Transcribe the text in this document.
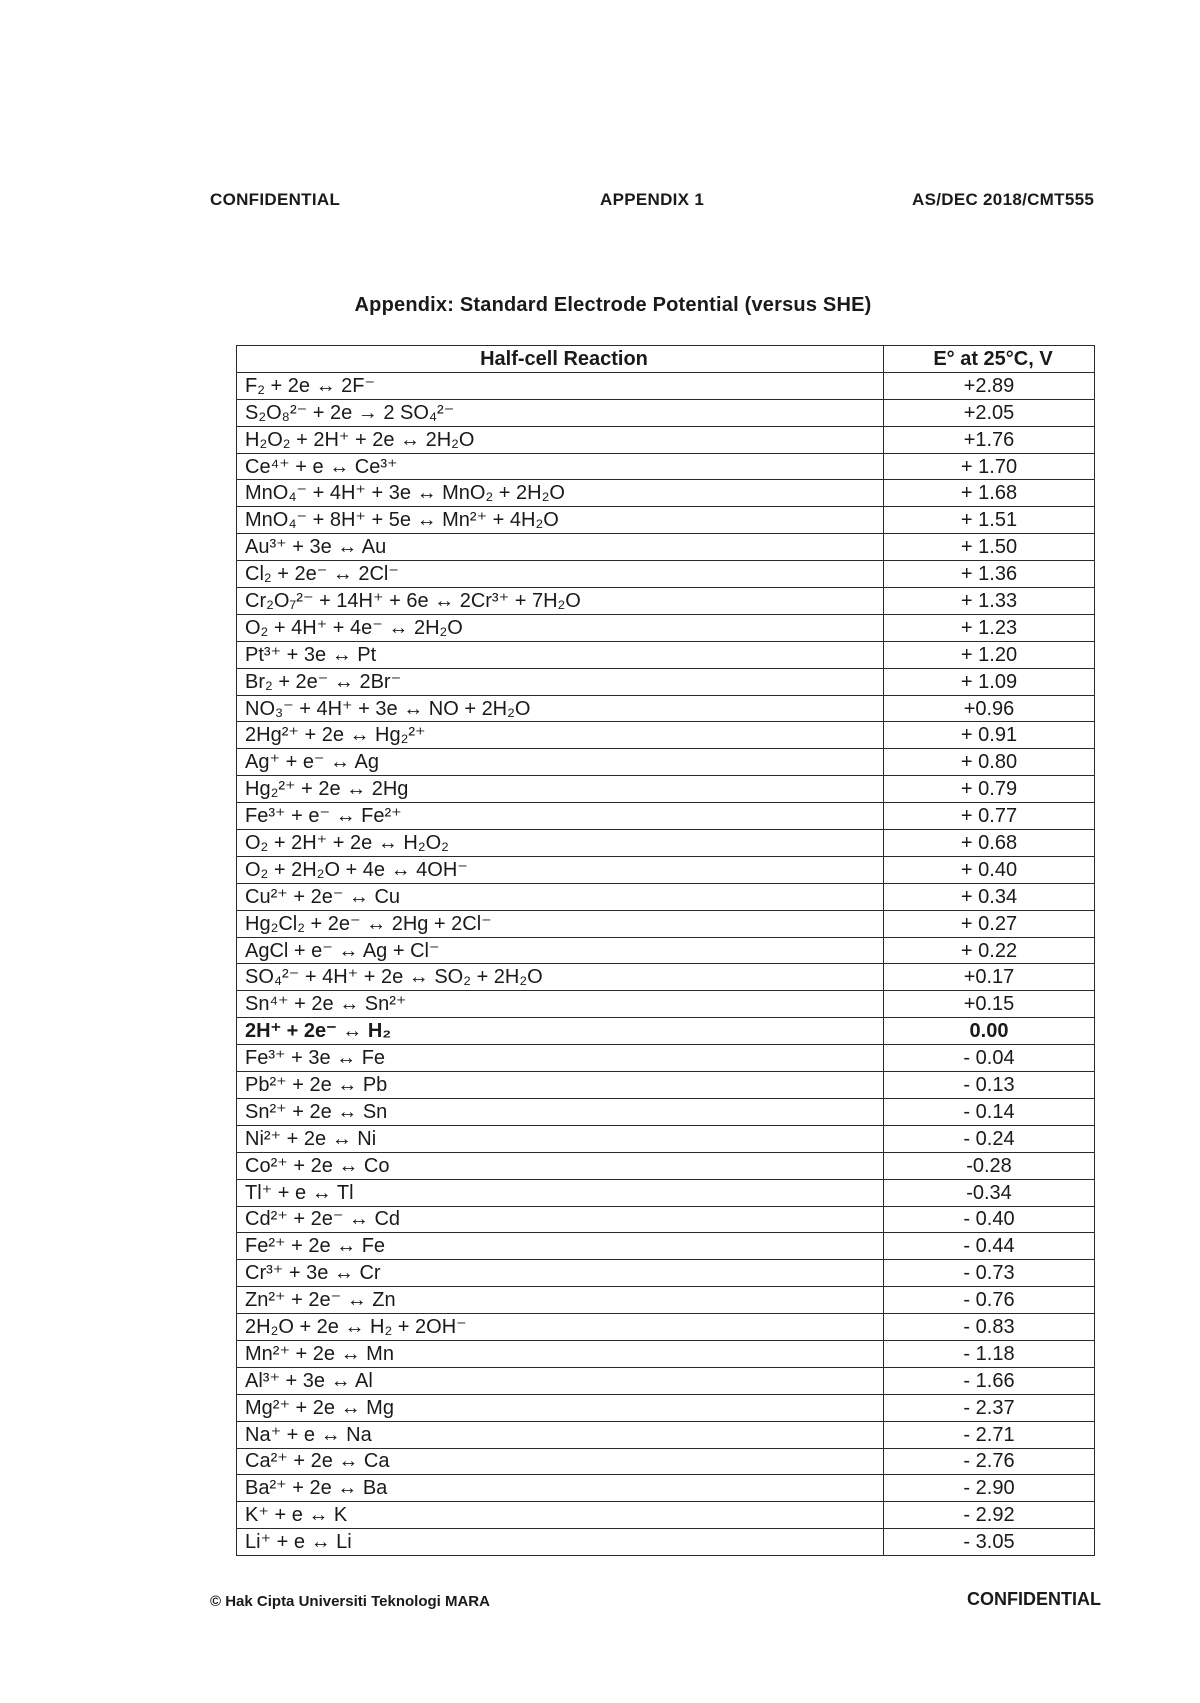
CONFIDENTIAL	APPENDIX 1	AS/DEC 2018/CMT555
Appendix: Standard Electrode Potential (versus SHE)
Half-cell Reaction	E° at 25°C, V
F₂ + 2e ↔ 2F⁻	+2.89
S₂O₈²⁻ + 2e → 2 SO₄²⁻	+2.05
H₂O₂ + 2H⁺ + 2e ↔ 2H₂O	+1.76
Ce⁴⁺ + e ↔ Ce³⁺	+ 1.70
MnO₄⁻ + 4H⁺ + 3e ↔ MnO₂ + 2H₂O	+ 1.68
MnO₄⁻ + 8H⁺ + 5e ↔ Mn²⁺ + 4H₂O	+ 1.51
Au³⁺ + 3e ↔ Au	+ 1.50
Cl₂ + 2e⁻ ↔ 2Cl⁻	+ 1.36
Cr₂O₇²⁻ + 14H⁺ + 6e ↔ 2Cr³⁺ + 7H₂O	+ 1.33
O₂ + 4H⁺ + 4e⁻ ↔ 2H₂O	+ 1.23
Pt³⁺ + 3e ↔ Pt	+ 1.20
Br₂ + 2e⁻ ↔ 2Br⁻	+ 1.09
NO₃⁻ + 4H⁺ + 3e ↔ NO + 2H₂O	+0.96
2Hg²⁺ + 2e ↔ Hg₂²⁺	+ 0.91
Ag⁺ + e⁻ ↔ Ag	+ 0.80
Hg₂²⁺ + 2e ↔ 2Hg	+ 0.79
Fe³⁺ + e⁻ ↔ Fe²⁺	+ 0.77
O₂ + 2H⁺ + 2e ↔ H₂O₂	+ 0.68
O₂ + 2H₂O + 4e ↔ 4OH⁻	+ 0.40
Cu²⁺ + 2e⁻ ↔ Cu	+ 0.34
Hg₂Cl₂ + 2e⁻ ↔ 2Hg + 2Cl⁻	+ 0.27
AgCl + e⁻ ↔ Ag + Cl⁻	+ 0.22
SO₄²⁻ + 4H⁺ + 2e ↔ SO₂ + 2H₂O	+0.17
Sn⁴⁺ + 2e ↔ Sn²⁺	+0.15
2H⁺ + 2e⁻ ↔ H₂	0.00
Fe³⁺ + 3e ↔ Fe	- 0.04
Pb²⁺ + 2e ↔ Pb	- 0.13
Sn²⁺ + 2e ↔ Sn	- 0.14
Ni²⁺ + 2e ↔ Ni	- 0.24
Co²⁺ + 2e ↔ Co	-0.28
Tl⁺ + e ↔ Tl	-0.34
Cd²⁺ + 2e⁻ ↔ Cd	- 0.40
Fe²⁺ + 2e ↔ Fe	- 0.44
Cr³⁺ + 3e ↔ Cr	- 0.73
Zn²⁺ + 2e⁻ ↔ Zn	- 0.76
2H₂O + 2e ↔ H₂ + 2OH⁻	- 0.83
Mn²⁺ + 2e ↔ Mn	- 1.18
Al³⁺ + 3e ↔ Al	- 1.66
Mg²⁺ + 2e ↔ Mg	- 2.37
Na⁺ + e ↔ Na	- 2.71
Ca²⁺ + 2e ↔ Ca	- 2.76
Ba²⁺ + 2e ↔ Ba	- 2.90
K⁺ + e ↔ K	- 2.92
Li⁺ + e ↔ Li	- 3.05
© Hak Cipta Universiti Teknologi MARA	CONFIDENTIAL
